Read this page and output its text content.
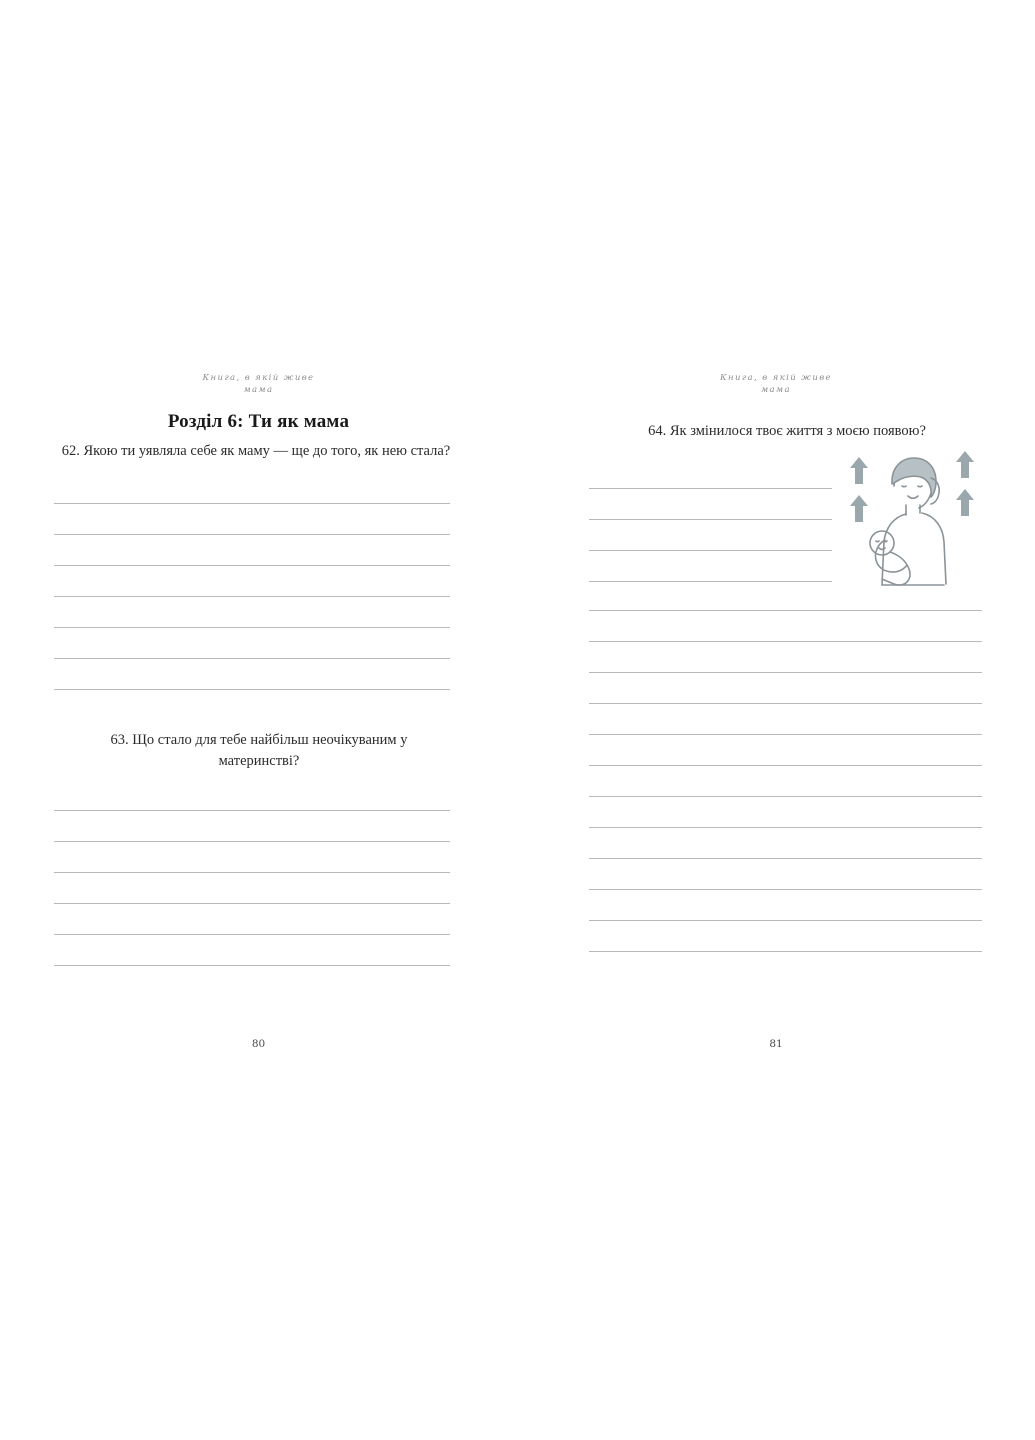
Книга, в якій живе
мама
Розділ 6: Ти як мама
62. Якою ти уявляла себе як маму — ще до того, як нею стала?
63. Що стало для тебе найбільш неочікуваним у материнстві?
80
Книга, в якій живе
мама
64. Як змінилося твоє життя з моєю появою?
81
